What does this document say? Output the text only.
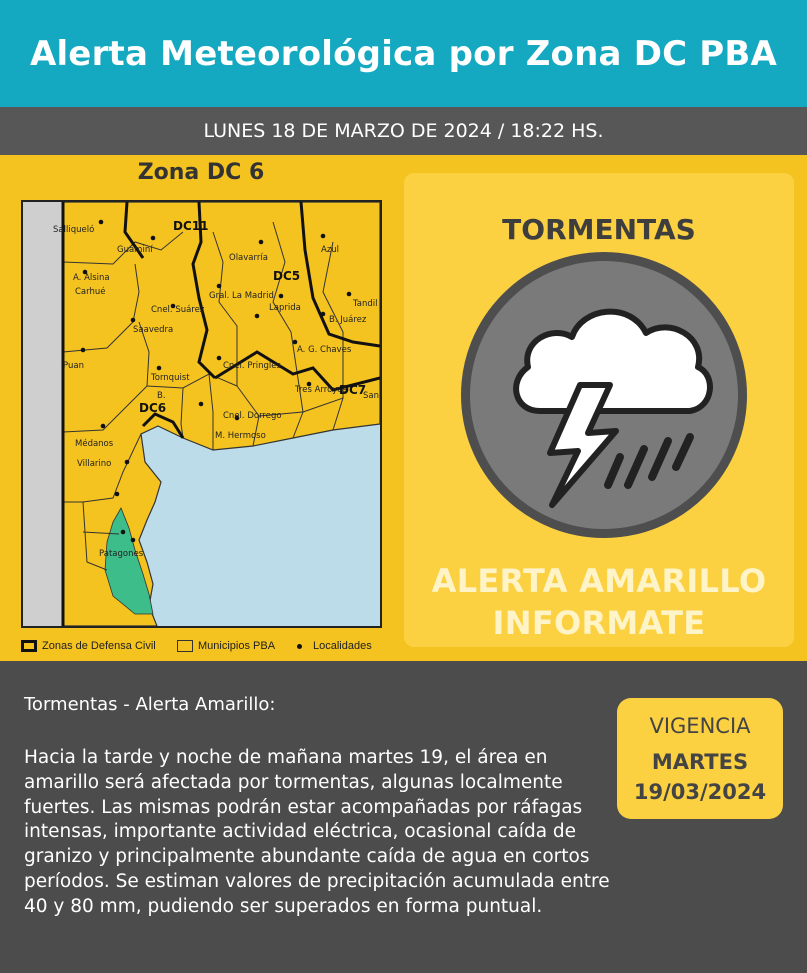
Alerta Meteorológica por Zona DC PBA
LUNES 18 DE MARZO DE 2024 / 18:22 HS.
Zona DC 6
Salliqueló
Guaminí
Olavarría
Azul
A. Alsina
Carhué	Gral. La Madrid
Cnel. Suárez	Laprida
B. Juárez
Tandil
Saavedra
A. G. Chaves
Puan
Tornquist
Cnel. Pringles
Tres Arroyos
Cnel. Dorrego
M. Hermoso
B.	San
Médanos
Villarino
Patagones
DC11
DC5
DC6
DC7
Zonas de Defensa Civil	Municipios PBA	Localidades
TORMENTAS
ALERTA AMARILLO
INFORMATE
Tormentas - Alerta Amarillo:
Hacia la tarde y noche de mañana martes 19, el área en amarillo será afectada por tormentas, algunas localmente fuertes. Las mismas podrán estar acompañadas por ráfagas intensas, importante actividad eléctrica, ocasional caída de granizo y principalmente abundante caída de agua en cortos períodos. Se estiman valores de precipitación acumulada entre 40 y 80 mm, pudiendo ser superados en forma puntual.
VIGENCIA
MARTES
19/03/2024
